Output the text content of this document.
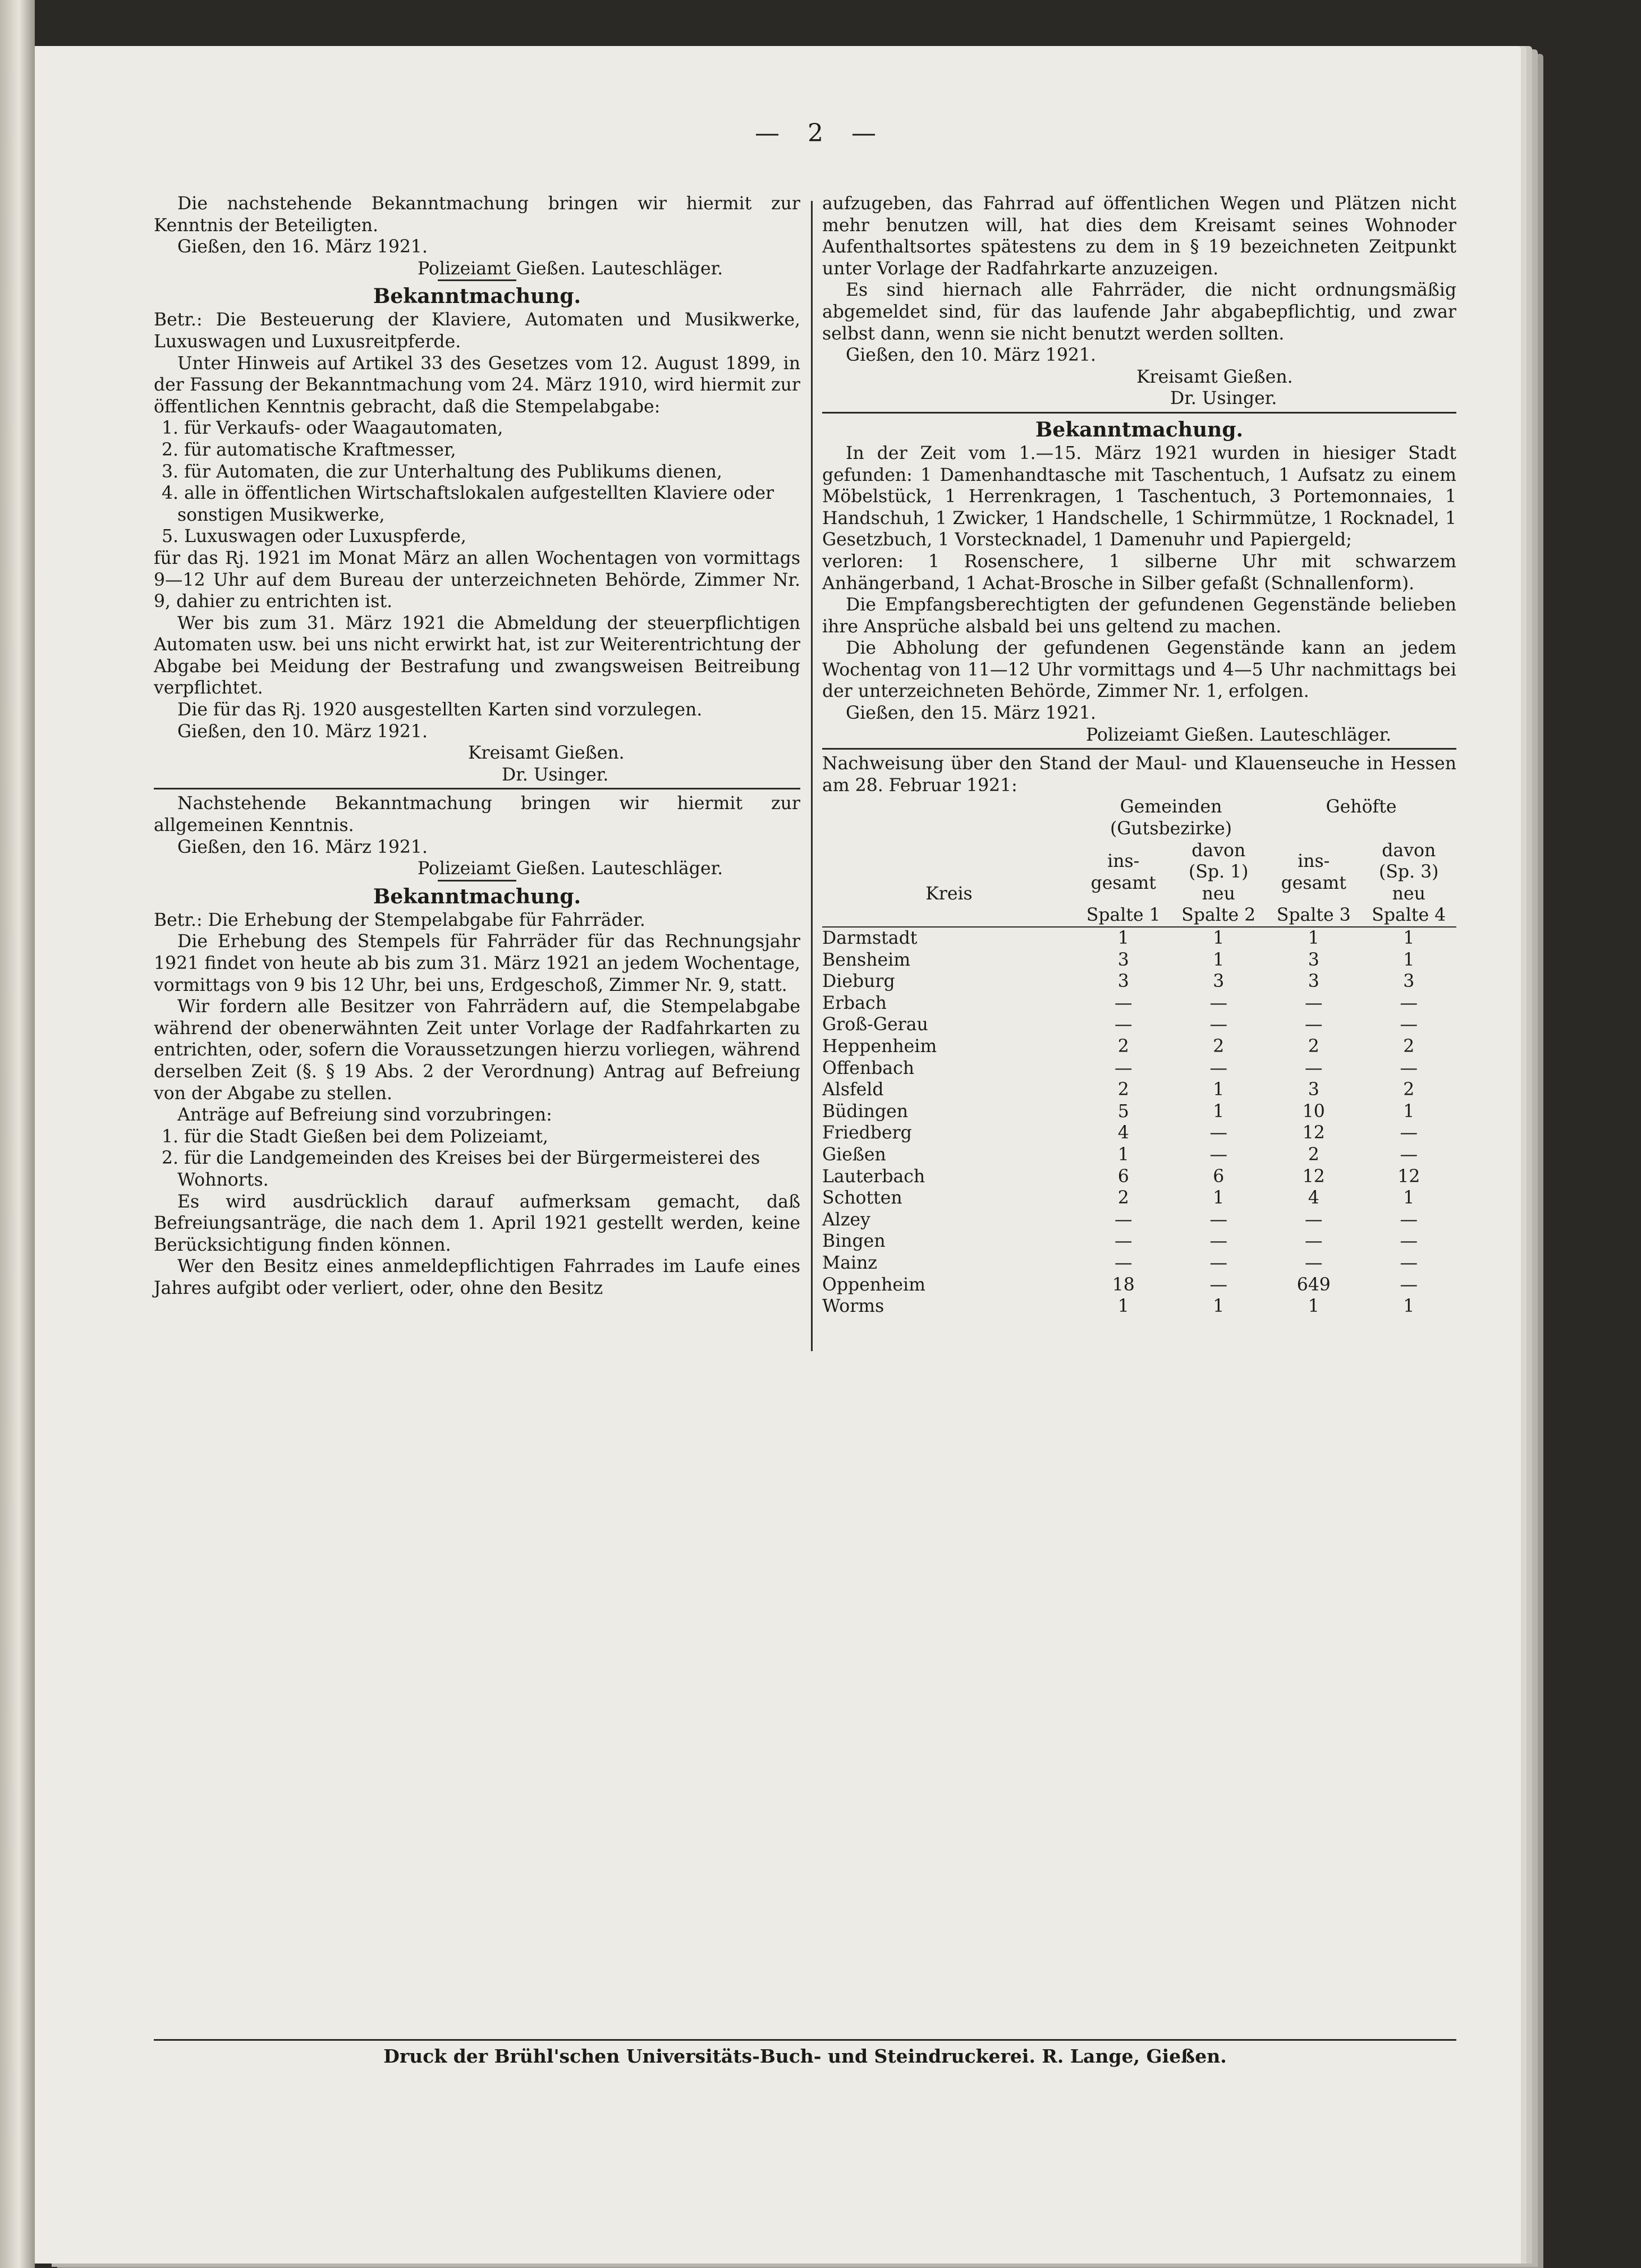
— 2 —

Die nachstehende Bekanntmachung bringen wir hiermit zur Kenntnis der Beteiligten.

Gießen, den 16. März 1921.

Polizeiamt Gießen. Lauteschläger.

Bekanntmachung.

Betr.: Die Besteuerung der Klaviere, Automaten und Musikwerke, Luxuswagen und Luxusreitpferde.

Unter Hinweis auf Artikel 33 des Gesetzes vom 12. August 1899, in der Fassung der Bekanntmachung vom 24. März 1910, wird hiermit zur öffentlichen Kenntnis gebracht, daß die Stempelabgabe:

1. für Verkaufs- oder Waagautomaten,

2. für automatische Kraftmesser,

3. für Automaten, die zur Unterhaltung des Publikums dienen,

4. alle in öffentlichen Wirtschaftslokalen aufgestellten Klaviere oder sonstigen Musikwerke,

5. Luxuswagen oder Luxuspferde,

für das Rj. 1921 im Monat März an allen Wochentagen von vormittags 9—12 Uhr auf dem Bureau der unterzeichneten Behörde, Zimmer Nr. 9, dahier zu entrichten ist.

Wer bis zum 31. März 1921 die Abmeldung der steuerpflichtigen Automaten usw. bei uns nicht erwirkt hat, ist zur Weiterentrichtung der Abgabe bei Meidung der Bestrafung und zwangsweisen Beitreibung verpflichtet.

Die für das Rj. 1920 ausgestellten Karten sind vorzulegen.

Gießen, den 10. März 1921.

Kreisamt Gießen.

Dr. Usinger.

Nachstehende Bekanntmachung bringen wir hiermit zur allgemeinen Kenntnis.

Gießen, den 16. März 1921.

Polizeiamt Gießen. Lauteschläger.

Bekanntmachung.

Betr.: Die Erhebung der Stempelabgabe für Fahrräder.

Die Erhebung des Stempels für Fahrräder für das Rechnungsjahr 1921 findet von heute ab bis zum 31. März 1921 an jedem Wochentage, vormittags von 9 bis 12 Uhr, bei uns, Erdgeschoß, Zimmer Nr. 9, statt.

Wir fordern alle Besitzer von Fahrrädern auf, die Stempelabgabe während der obenerwähnten Zeit unter Vorlage der Radfahrkarten zu entrichten, oder, sofern die Voraussetzungen hierzu vorliegen, während derselben Zeit (§. § 19 Abs. 2 der Verordnung) Antrag auf Befreiung von der Abgabe zu stellen.

Anträge auf Befreiung sind vorzubringen:

1. für die Stadt Gießen bei dem Polizeiamt,

2. für die Landgemeinden des Kreises bei der Bürgermeisterei des Wohnorts.

Es wird ausdrücklich darauf aufmerksam gemacht, daß Befreiungsanträge, die nach dem 1. April 1921 gestellt werden, keine Berücksichtigung finden können.

Wer den Besitz eines anmeldepflichtigen Fahrrades im Laufe eines Jahres aufgibt oder verliert, oder, ohne den Besitz

aufzugeben, das Fahrrad auf öffentlichen Wegen und Plätzen nicht mehr benutzen will, hat dies dem Kreisamt seines Wohnoder Aufenthaltsortes spätestens zu dem in § 19 bezeichneten Zeitpunkt unter Vorlage der Radfahrkarte anzuzeigen.

Es sind hiernach alle Fahrräder, die nicht ordnungsmäßig abgemeldet sind, für das laufende Jahr abgabepflichtig, und zwar selbst dann, wenn sie nicht benutzt werden sollten.

Gießen, den 10. März 1921.

Kreisamt Gießen.

Dr. Usinger.

Bekanntmachung.

In der Zeit vom 1.—15. März 1921 wurden in hiesiger Stadt gefunden: 1 Damenhandtasche mit Taschentuch, 1 Aufsatz zu einem Möbelstück, 1 Herrenkragen, 1 Taschentuch, 3 Portemonnaies, 1 Handschuh, 1 Zwicker, 1 Handschelle, 1 Schirmmütze, 1 Rocknadel, 1 Gesetzbuch, 1 Vorstecknadel, 1 Damenuhr und Papiergeld;

verloren: 1 Rosenschere, 1 silberne Uhr mit schwarzem Anhängerband, 1 Achat-Brosche in Silber gefaßt (Schnallenform).

Die Empfangsberechtigten der gefundenen Gegenstände belieben ihre Ansprüche alsbald bei uns geltend zu machen.

Die Abholung der gefundenen Gegenstände kann an jedem Wochentag von 11—12 Uhr vormittags und 4—5 Uhr nachmittags bei der unterzeichneten Behörde, Zimmer Nr. 1, erfolgen.

Gießen, den 15. März 1921.

Polizeiamt Gießen. Lauteschläger.

Nachweisung über den Stand der Maul- und Klauenseuche in Hessen am 28. Februar 1921:

	Gemeinden		Gehöfte	
	(Gutsbezirke)			
Kreis	ins-gesamt	davon (Sp. 1) neu	ins-gesamt	davon (Sp. 3) neu
	Spalte 1	Spalte 2	Spalte 3	Spalte 4
Darmstadt	1	1	1	1
Bensheim	3	1	3	1
Dieburg	3	3	3	3
Erbach	—	—	—	—
Groß-Gerau	—	—	—	—
Heppenheim	2	2	2	2
Offenbach	—	—	—	—
Alsfeld	2	1	3	2
Büdingen	5	1	10	1
Friedberg	4	—	12	—
Gießen	1	—	2	—
Lauterbach	6	6	12	12
Schotten	2	1	4	1
Alzey	—	—	—	—
Bingen	—	—	—	—
Mainz	—	—	—	—
Oppenheim	18	—	649	—
Worms	1	1	1	1
Druck der Brühl'schen Universitäts-Buch- und Steindruckerei. R. Lange, Gießen.
